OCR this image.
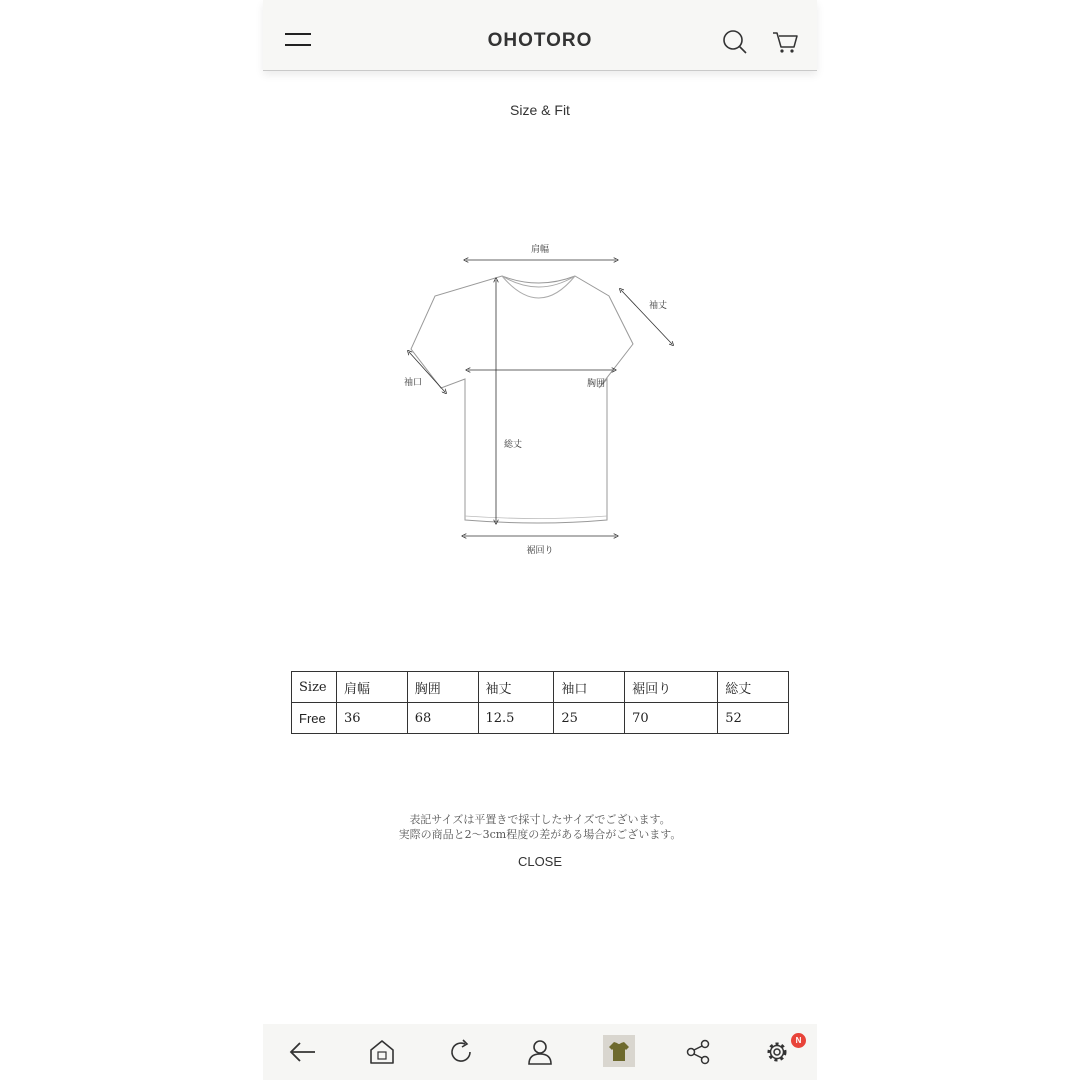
OHOTORO
Size & Fit
肩幅
袖丈
袖口	胸囲
総丈
裾回り
Size	肩幅	胸囲	袖丈	袖口	裾回り	総丈
Free	36	68	12.5	25	70	52
表記サイズは平置きで採寸したサイズでございます。
実際の商品と2〜3cm程度の差がある場合がございます。
CLOSE
N
